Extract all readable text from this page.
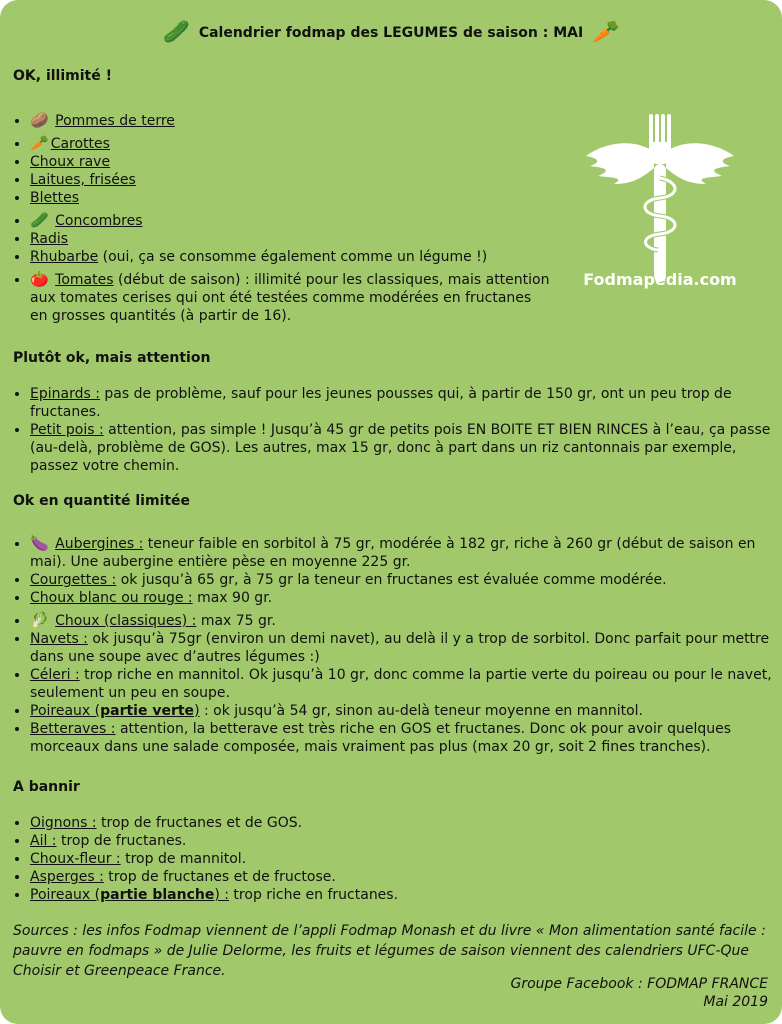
🥒 Calendrier fodmap des LEGUMES de saison : MAI 🥕
Fodmapedia.com
OK, illimité !
• 🥔 Pommes de terre
• 🥕 Carottes
• Choux rave
• Laitues, frisées
• Blettes
• 🥒 Concombres
• Radis
• Rhubarbe (oui, ça se consomme également comme un légume !)
• 🍅 Tomates (début de saison) : illimité pour les classiques, mais attention aux tomates cerises qui ont été testées comme modérées en fructanes en grosses quantités (à partir de 16).
Plutôt ok, mais attention
• Epinards : pas de problème, sauf pour les jeunes pousses qui, à partir de 150 gr, ont un peu trop de fructanes.
• Petit pois : attention, pas simple ! Jusqu’à 45 gr de petits pois EN BOITE ET BIEN RINCES à l’eau, ça passe (au-delà, problème de GOS). Les autres, max 15 gr, donc à part dans un riz cantonnais par exemple, passez votre chemin.
Ok en quantité limitée
• 🍆 Aubergines : teneur faible en sorbitol à 75 gr, modérée à 182 gr, riche à 260 gr (début de saison en mai). Une aubergine entière pèse en moyenne 225 gr.
• Courgettes : ok jusqu’à 65 gr, à 75 gr la teneur en fructanes est évaluée comme modérée.
• Choux blanc ou rouge : max 90 gr.
• 🥬 Choux (classiques) : max 75 gr.
• Navets : ok jusqu’à 75gr (environ un demi navet), au delà il y a trop de sorbitol. Donc parfait pour mettre dans une soupe avec d’autres légumes :)
• Céleri : trop riche en mannitol. Ok jusqu’à 10 gr, donc comme la partie verte du poireau ou pour le navet, seulement un peu en soupe.
• Poireaux (partie verte) : ok jusqu’à 54 gr, sinon au-delà teneur moyenne en mannitol.
• Betteraves : attention, la betterave est très riche en GOS et fructanes. Donc ok pour avoir quelques morceaux dans une salade composée, mais vraiment pas plus (max 20 gr, soit 2 fines tranches).
A bannir
• Oignons : trop de fructanes et de GOS.
• Ail : trop de fructanes.
• Choux-fleur : trop de mannitol.
• Asperges : trop de fructanes et de fructose.
• Poireaux (partie blanche) : trop riche en fructanes.
Sources : les infos Fodmap viennent de l’appli Fodmap Monash et du livre « Mon alimentation santé facile : pauvre en fodmaps » de Julie Delorme, les fruits et légumes de saison viennent des calendriers UFC-Que Choisir et Greenpeace France.
Groupe Facebook : FODMAP FRANCE
Mai 2019
